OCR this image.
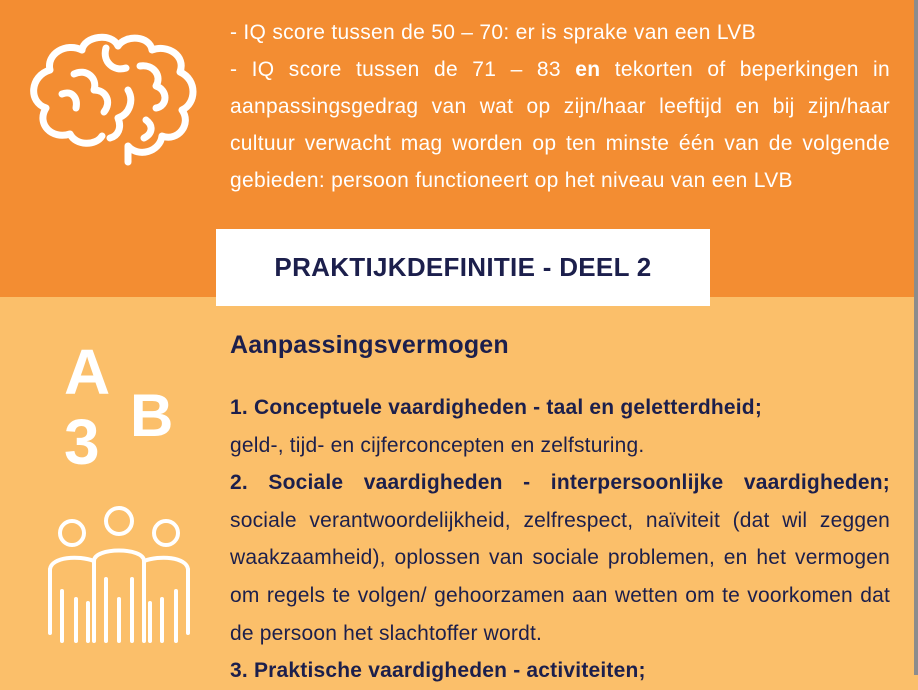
- IQ score tussen de 50 – 70: er is sprake van een LVB

- IQ score tussen de 71 – 83 en tekorten of beperkingen in aanpassingsgedrag van wat op zijn/haar leeftijd en bij zijn/haar cultuur verwacht mag worden op ten minste één van de volgende gebieden: persoon functioneert op het niveau van een LVB

PRAKTIJKDEFINITIE - DEEL 2
A
B
3
Aanpassingsvermogen

1. Conceptuele vaardigheden - taal en geletterdheid;

geld-, tijd- en cijferconcepten en zelfsturing.

2. Sociale vaardigheden - interpersoonlijke vaardigheden;

sociale verantwoordelijkheid, zelfrespect, naïviteit (dat wil zeggen waakzaamheid), oplossen van sociale problemen, en het vermogen om regels te volgen/ gehoorzamen aan wetten om te voorkomen dat de persoon het slachtoffer wordt.

3. Praktische vaardigheden - activiteiten;
